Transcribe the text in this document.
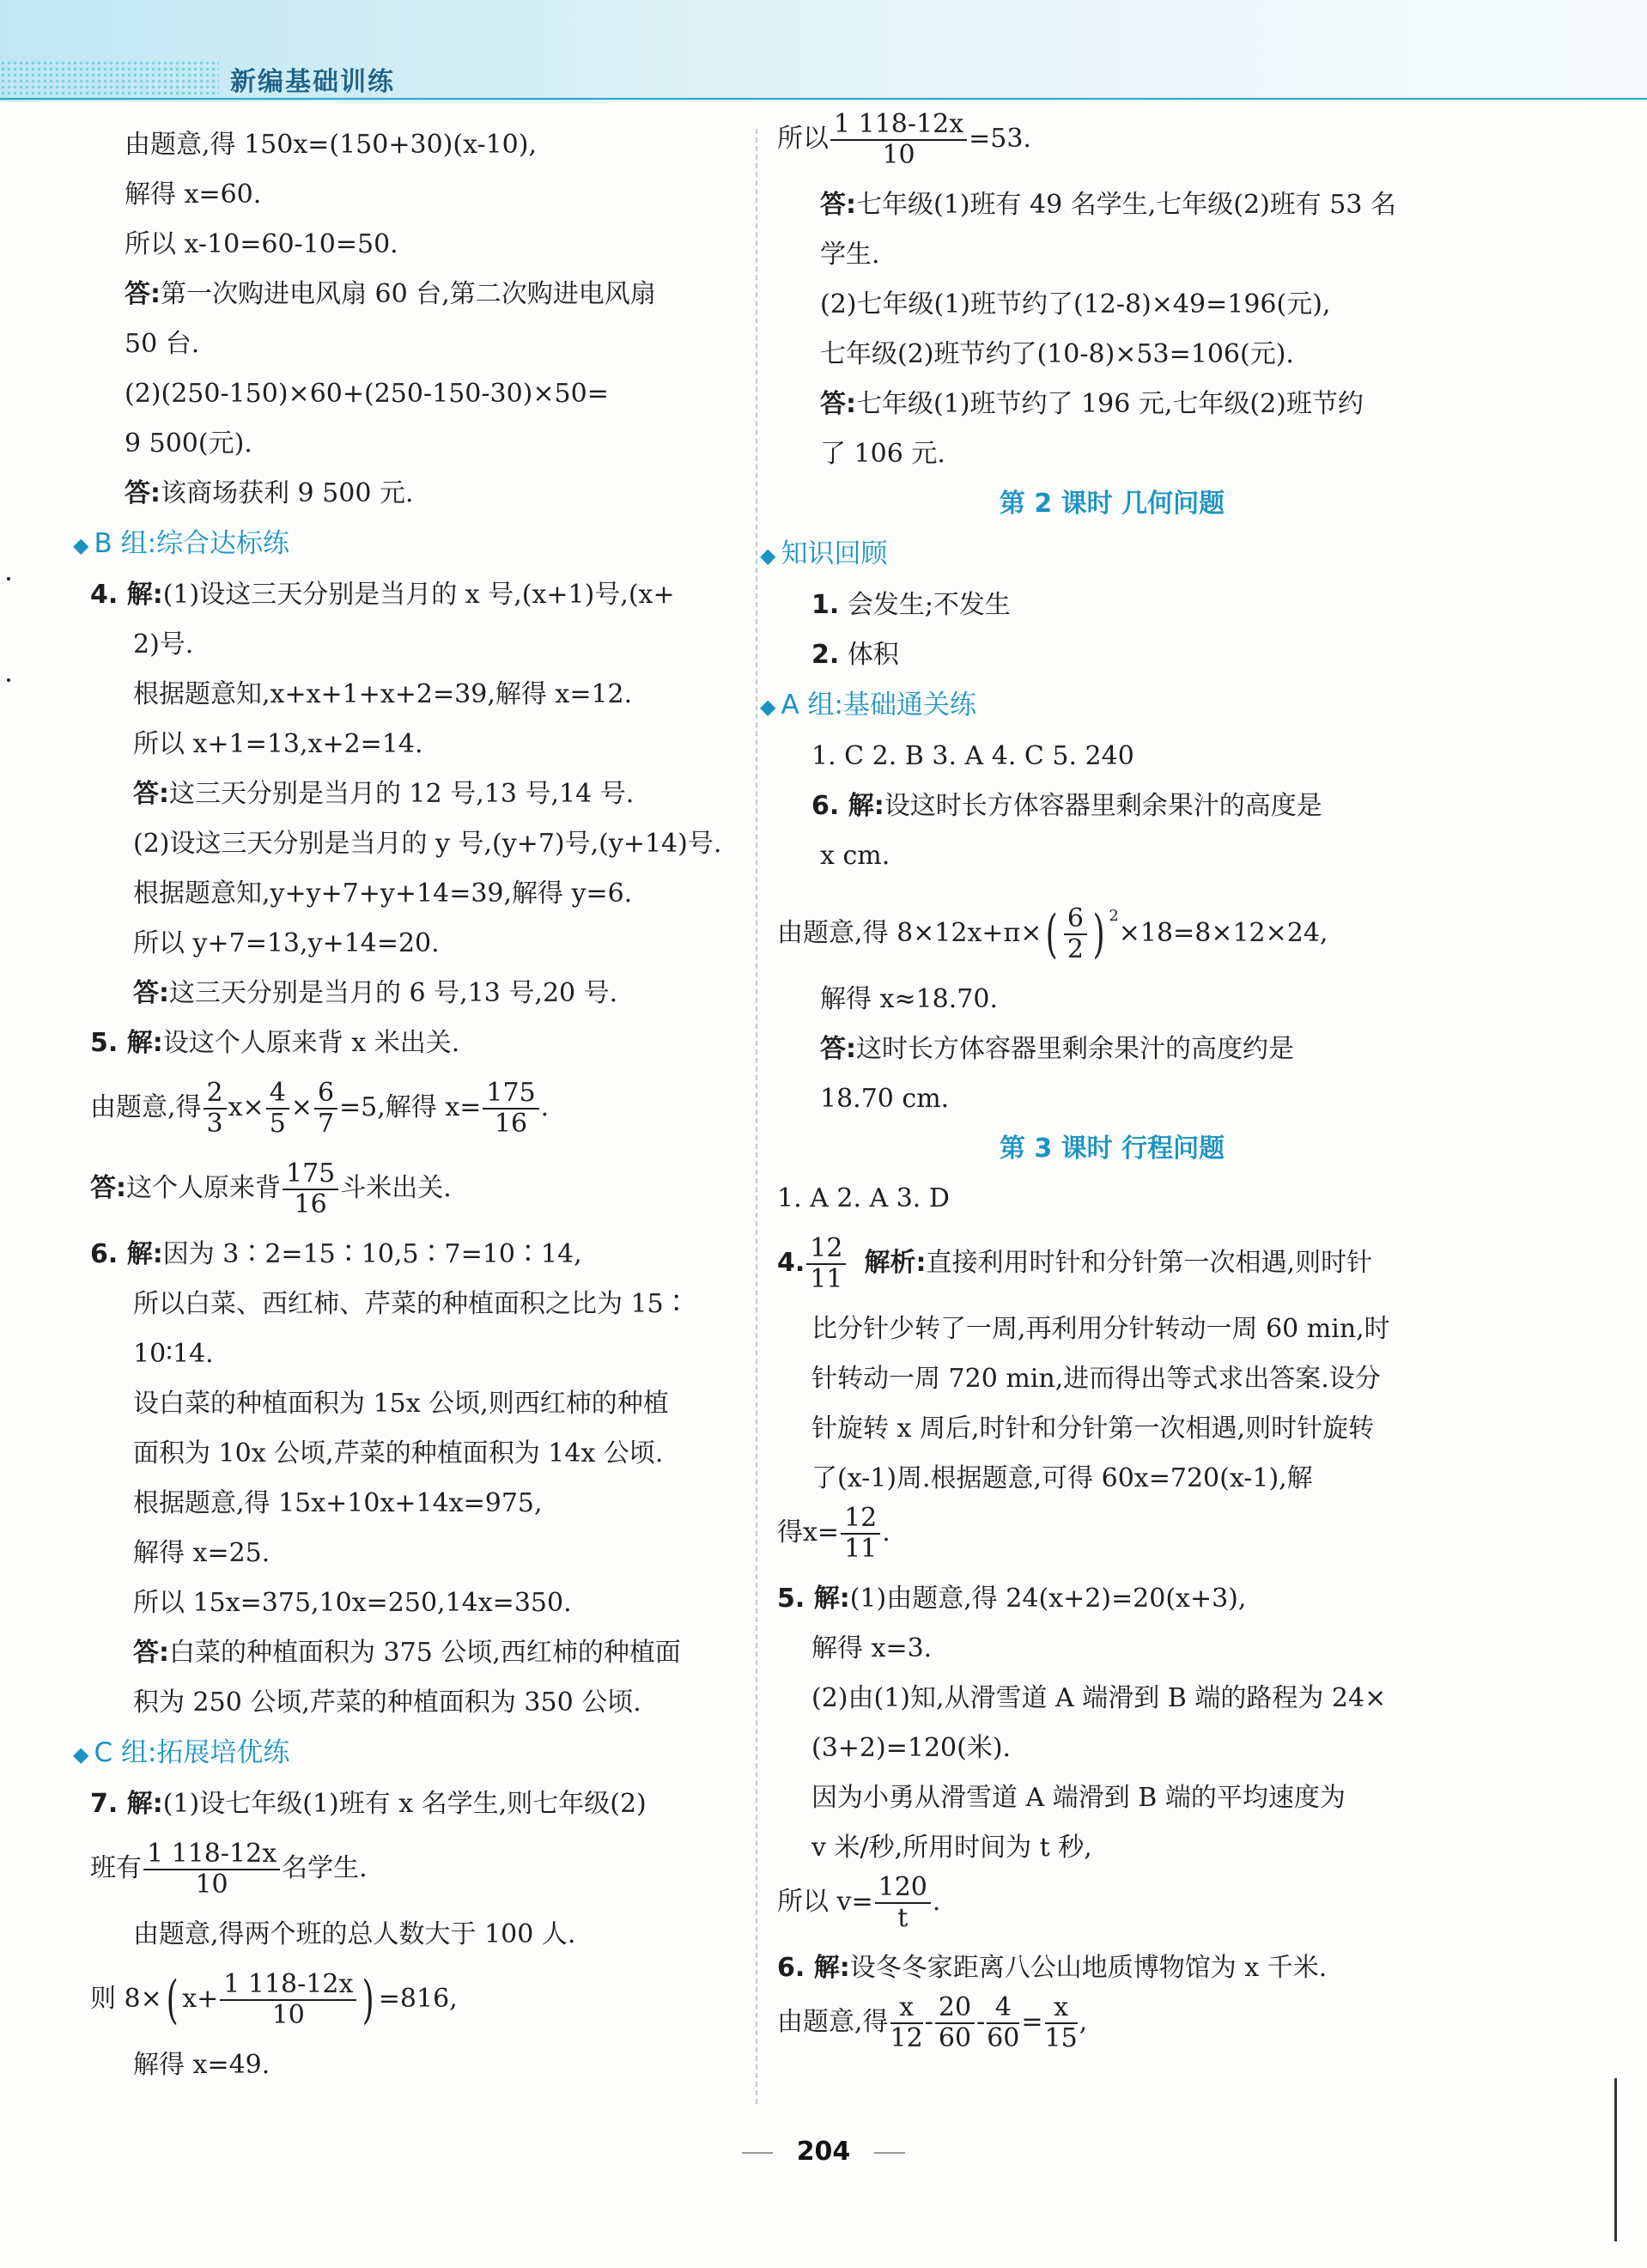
新编基础训练

由题意,得 150x=(150+30)(x-10),

解得 x=60.

所以 x-10=60-10=50.

答:第一次购进电风扇 60 台,第二次购进电风扇

50 台.

(2)(250-150)×60+(250-150-30)×50=

9 500(元).

答:该商场获利 9 500 元.

◆ B 组:综合达标练

4. 解:(1)设这三天分别是当月的 x 号,(x+1)号,(x+

2)号.

根据题意知,x+x+1+x+2=39,解得 x=12.

所以 x+1=13,x+2=14.

答:这三天分别是当月的 12 号,13 号,14 号.

(2)设这三天分别是当月的 y 号,(y+7)号,(y+14)号.

根据题意知,y+y+7+y+14=39,解得 y=6.

所以 y+7=13,y+14=20.

答:这三天分别是当月的 6 号,13 号,20 号.

5. 解:设这个人原来背 x 米出关.

由题意,得 $\frac{2}{3} x\times \frac{4}{5} \times \frac{6}{7} =5$,解得 $x= \frac{175}{16}$ .

答:这个人原来背 $\frac{175}{16}$ 斗米出关.

6. 解:因为 3∶2=15∶10,5∶7=10∶14,

所以白菜、西红柿、芹菜的种植面积之比为 15∶

10∶14.

设白菜的种植面积为 15x 公顷,则西红柿的种植

面积为 10x 公顷,芹菜的种植面积为 14x 公顷.

根据题意,得 15x+10x+14x=975,

解得 x=25.

所以 15x=375,10x=250,14x=350.

答:白菜的种植面积为 375 公顷,西红柿的种植面

积为 250 公顷,芹菜的种植面积为 350 公顷.

◆ C 组:拓展培优练

7. 解:(1)设七年级(1)班有 x 名学生,则七年级(2)

班有 $\frac{1 118-12x}{10}$ 名学生.

由题意,得两个班的总人数大于 100 人.

则 8×( $x+ \frac{1 118-12x}{10}$ ) =816,

解得 x=49.

所以 $\frac{1 118-12x}{10} =53$.

答:七年级(1)班有 49 名学生,七年级(2)班有 53 名

学生.

(2)七年级(1)班节约了(12-8)×49=196(元),

七年级(2)班节约了(10-8)×53=106(元).

答:七年级(1)班节约了 196 元,七年级(2)班节约

了 106 元.

第 2 课时 几何问题

◆ 知识回顾

1. 会发生;不发生

2. 体积

◆ A 组:基础通关练

1. C 2. B 3. A 4. C 5. 240

6. 解:设这时长方体容器里剩余果汁的高度是

x cm.

由题意,得 $8\times 12x+\pi\times( \frac{6}{2}$ ) $^2$×18=8×12×24,

解得 x≈18.70.

答:这时长方体容器里剩余果汁的高度约是

18.70 cm.

第 3 课时 行程问题

1. A 2. A 3. D

4. $\frac{12}{11}$ 解析:直接利用时针和分针第一次相遇,则时针

比分针少转了一周,再利用分针转动一周 60 min,时

针转动一周 720 min,进而得出等式求出答案.设分

针旋转 x 周后,时针和分针第一次相遇,则时针旋转

了(x-1)周.根据题意,可得 60x=720(x-1),解

得$x= \frac{12}{11}$ .

5. 解:(1)由题意,得 24(x+2)=20(x+3),

解得 x=3.

(2)由(1)知,从滑雪道 A 端滑到 B 端的路程为 24×

(3+2)=120(米).

因为小勇从滑雪道 A 端滑到 B 端的平均速度为

v 米/秒,所用时间为 t 秒,

所以 $v= \frac{120}{t}$ .

6. 解:设冬冬家距离八公山地质博物馆为 x 千米.

由题意,得 $\frac{x}{12} - \frac{20}{60} - \frac{4}{60} = \frac{x}{15}$ ,

204
